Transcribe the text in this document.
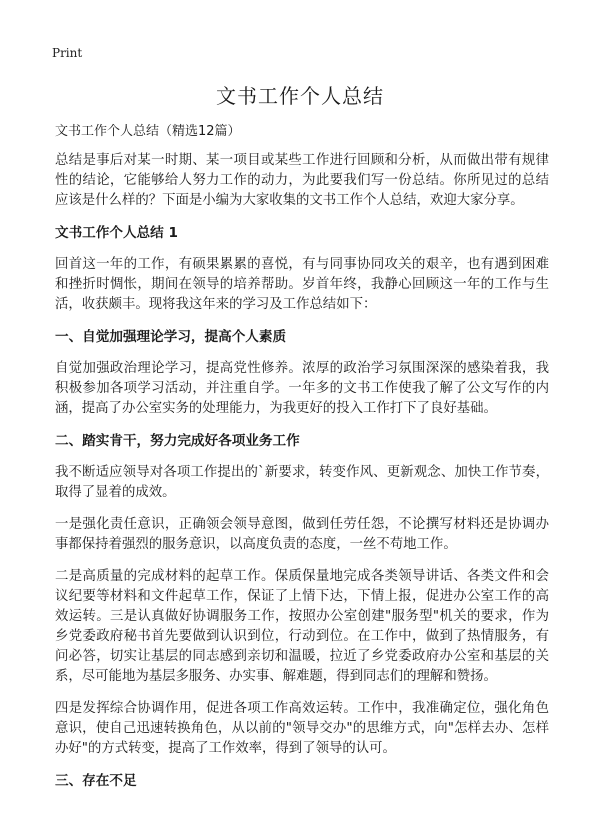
Print
文书工作个人总结
文书工作个人总结（精选12篇）

总结是事后对某一时期、某一项目或某些工作进行回顾和分析，从而做出带有规律性的结论，它能够给人努力工作的动力，为此要我们写一份总结。你所见过的总结应该是什么样的？下面是小编为大家收集的文书工作个人总结，欢迎大家分享。

文书工作个人总结 1

回首这一年的工作，有硕果累累的喜悦，有与同事协同攻关的艰辛，也有遇到困难和挫折时惆怅，期间在领导的培养帮助。岁首年终，我静心回顾这一年的工作与生活，收获颇丰。现将我这年来的学习及工作总结如下：

一、自觉加强理论学习，提高个人素质

自觉加强政治理论学习，提高党性修养。浓厚的政治学习氛围深深的感染着我，我积极参加各项学习活动，并注重自学。一年多的文书工作使我了解了公文写作的内涵，提高了办公室实务的处理能力，为我更好的投入工作打下了良好基础。

二、踏实肯干，努力完成好各项业务工作

我不断适应领导对各项工作提出的`新要求，转变作风、更新观念、加快工作节奏，取得了显着的成效。

一是强化责任意识，正确领会领导意图，做到任劳任怨，不论撰写材料还是协调办事都保持着强烈的服务意识，以高度负责的态度，一丝不苟地工作。

二是高质量的完成材料的起草工作。保质保量地完成各类领导讲话、各类文件和会议纪要等材料和文件起草工作，保证了上情下达，下情上报，促进办公室工作的高效运转。三是认真做好协调服务工作，按照办公室创建"服务型"机关的要求，作为乡党委政府秘书首先要做到认识到位，行动到位。在工作中，做到了热情服务，有问必答，切实让基层的同志感到亲切和温暖，拉近了乡党委政府办公室和基层的关系，尽可能地为基层多服务、办实事、解难题，得到同志们的理解和赞扬。

四是发挥综合协调作用，促进各项工作高效运转。工作中，我准确定位，强化角色意识，使自己迅速转换角色，从以前的"领导交办"的思维方式，向"怎样去办、怎样办好"的方式转变，提高了工作效率，得到了领导的认可。

三、存在不足
